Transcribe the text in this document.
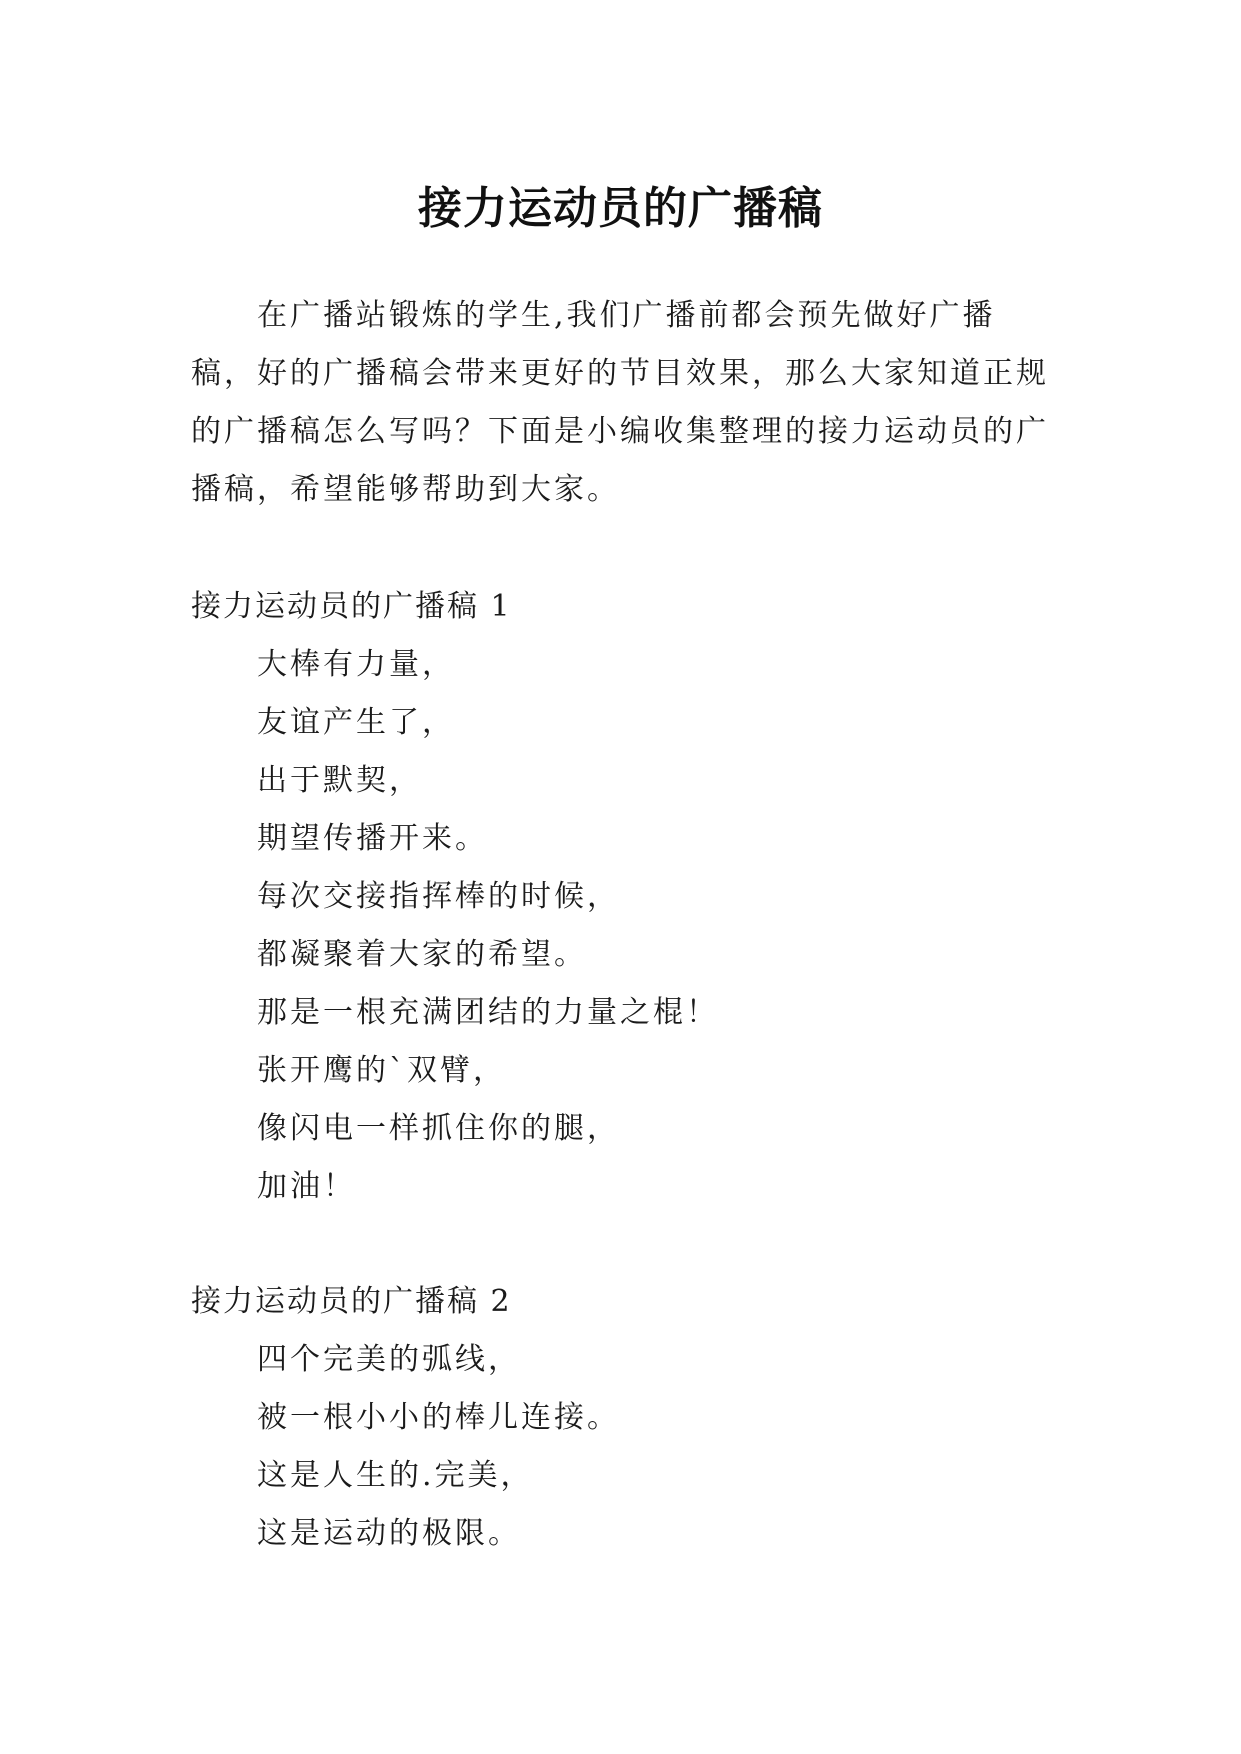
接力运动员的广播稿

在广播站锻炼的学生,我们广播前都会预先做好广播稿，好的广播稿会带来更好的节目效果，那么大家知道正规的广播稿怎么写吗？下面是小编收集整理的接力运动员的广播稿，希望能够帮助到大家。

接力运动员的广播稿 1

大棒有力量，
友谊产生了，
出于默契，
期望传播开来。
每次交接指挥棒的时候，
都凝聚着大家的希望。
那是一根充满团结的力量之棍！
张开鹰的`双臂，
像闪电一样抓住你的腿，
加油！

接力运动员的广播稿 2

四个完美的弧线，
被一根小小的棒儿连接。
这是人生的.完美，
这是运动的极限。
